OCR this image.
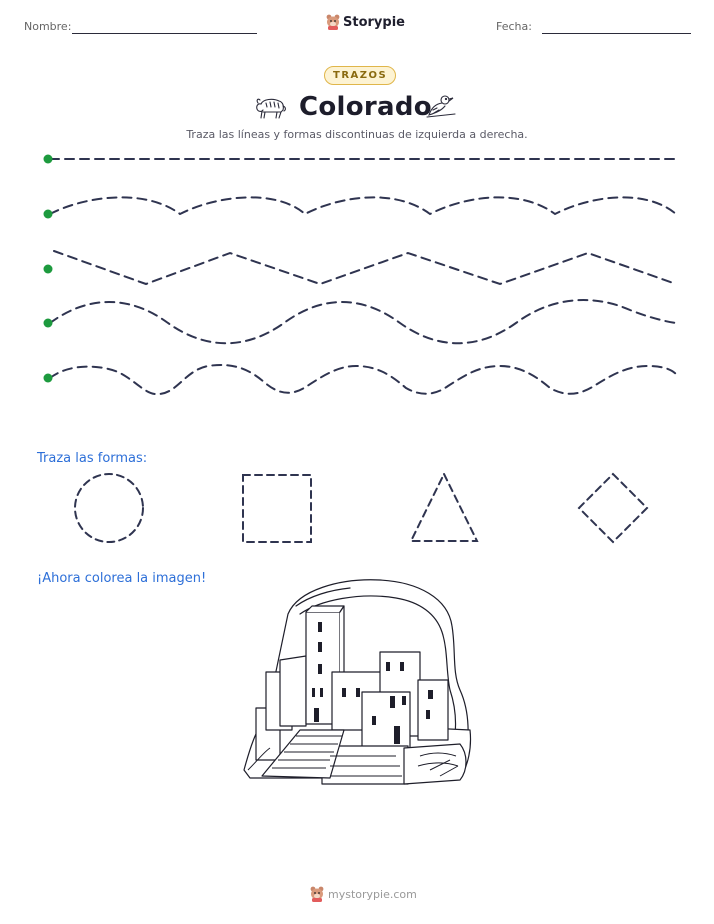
Nombre:	Storypie	Fecha:
TRAZOS
Colorado
Traza las líneas y formas discontinuas de izquierda a derecha.
Traza las formas:
¡Ahora colorea la imagen!
mystorypie.com
